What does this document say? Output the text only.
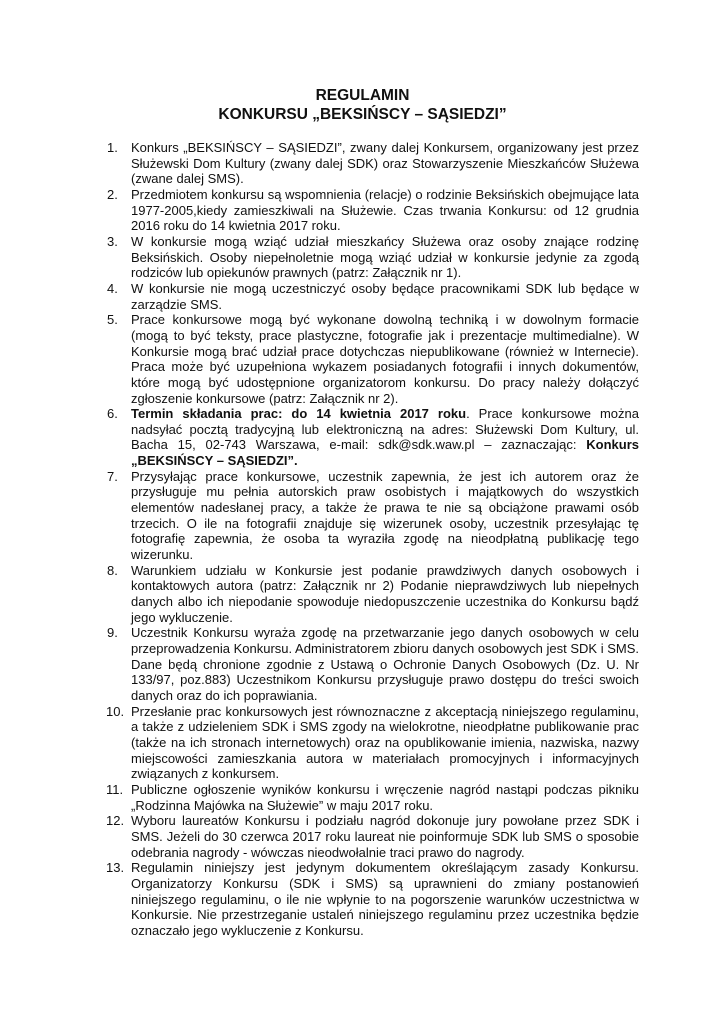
REGULAMIN
KONKURSU „BEKSIŃSCY – SĄSIEDZI”
1. Konkurs „BEKSIŃSCY – SĄSIEDZI”, zwany dalej Konkursem, organizowany jest przez Służewski Dom Kultury (zwany dalej SDK) oraz Stowarzyszenie Mieszkańców Służewa (zwane dalej SMS).
2. Przedmiotem konkursu są wspomnienia (relacje) o rodzinie Beksińskich obejmujące lata 1977-2005,kiedy zamieszkiwali na Służewie. Czas trwania Konkursu: od 12 grudnia 2016 roku do 14 kwietnia 2017 roku.
3. W konkursie mogą wziąć udział mieszkańcy Służewa oraz osoby znające rodzinę Beksińskich. Osoby niepełnoletnie mogą wziąć udział w konkursie jedynie za zgodą rodziców lub opiekunów prawnych (patrz: Załącznik nr 1).
4. W konkursie nie mogą uczestniczyć osoby będące pracownikami SDK lub będące w zarządzie SMS.
5. Prace konkursowe mogą być wykonane dowolną techniką i w dowolnym formacie (mogą to być teksty, prace plastyczne, fotografie jak i prezentacje multimedialne). W Konkursie mogą brać udział prace dotychczas niepublikowane (również w Internecie). Praca może być uzupełniona wykazem posiadanych fotografii i innych dokumentów, które mogą być udostępnione organizatorom konkursu. Do pracy należy dołączyć zgłoszenie konkursowe (patrz: Załącznik nr 2).
6. Termin składania prac: do 14 kwietnia 2017 roku. Prace konkursowe można nadsyłać pocztą tradycyjną lub elektroniczną na adres: Służewski Dom Kultury, ul. Bacha 15, 02-743 Warszawa, e-mail: sdk@sdk.waw.pl – zaznaczając: Konkurs „BEKSIŃSCY – SĄSIEDZI”.
7. Przysyłając prace konkursowe, uczestnik zapewnia, że jest ich autorem oraz że przysługuje mu pełnia autorskich praw osobistych i majątkowych do wszystkich elementów nadesłanej pracy, a także że prawa te nie są obciążone prawami osób trzecich. O ile na fotografii znajduje się wizerunek osoby, uczestnik przesyłając tę fotografię zapewnia, że osoba ta wyraziła zgodę na nieodpłatną publikację tego wizerunku.
8. Warunkiem udziału w Konkursie jest podanie prawdziwych danych osobowych i kontaktowych autora (patrz: Załącznik nr 2) Podanie nieprawdziwych lub niepełnych danych albo ich niepodanie spowoduje niedopuszczenie uczestnika do Konkursu bądź jego wykluczenie.
9. Uczestnik Konkursu wyraża zgodę na przetwarzanie jego danych osobowych w celu przeprowadzenia Konkursu. Administratorem zbioru danych osobowych jest SDK i SMS. Dane będą chronione zgodnie z Ustawą o Ochronie Danych Osobowych (Dz. U. Nr 133/97, poz.883) Uczestnikom Konkursu przysługuje prawo dostępu do treści swoich danych oraz do ich poprawiania.
10. Przesłanie prac konkursowych jest równoznaczne z akceptacją niniejszego regulaminu, a także z udzieleniem SDK i SMS zgody na wielokrotne, nieodpłatne publikowanie prac (także na ich stronach internetowych) oraz na opublikowanie imienia, nazwiska, nazwy miejscowości zamieszkania autora w materiałach promocyjnych i informacyjnych związanych z konkursem.
11. Publiczne ogłoszenie wyników konkursu i wręczenie nagród nastąpi podczas pikniku „Rodzinna Majówka na Służewie” w maju 2017 roku.
12. Wyboru laureatów Konkursu i podziału nagród dokonuje jury powołane przez SDK i SMS. Jeżeli do 30 czerwca 2017 roku laureat nie poinformuje SDK lub SMS o sposobie odebrania nagrody - wówczas nieodwołalnie traci prawo do nagrody.
13. Regulamin niniejszy jest jedynym dokumentem określającym zasady Konkursu. Organizatorzy Konkursu (SDK i SMS) są uprawnieni do zmiany postanowień niniejszego regulaminu, o ile nie wpłynie to na pogorszenie warunków uczestnictwa w Konkursie. Nie przestrzeganie ustaleń niniejszego regulaminu przez uczestnika będzie oznaczało jego wykluczenie z Konkursu.
